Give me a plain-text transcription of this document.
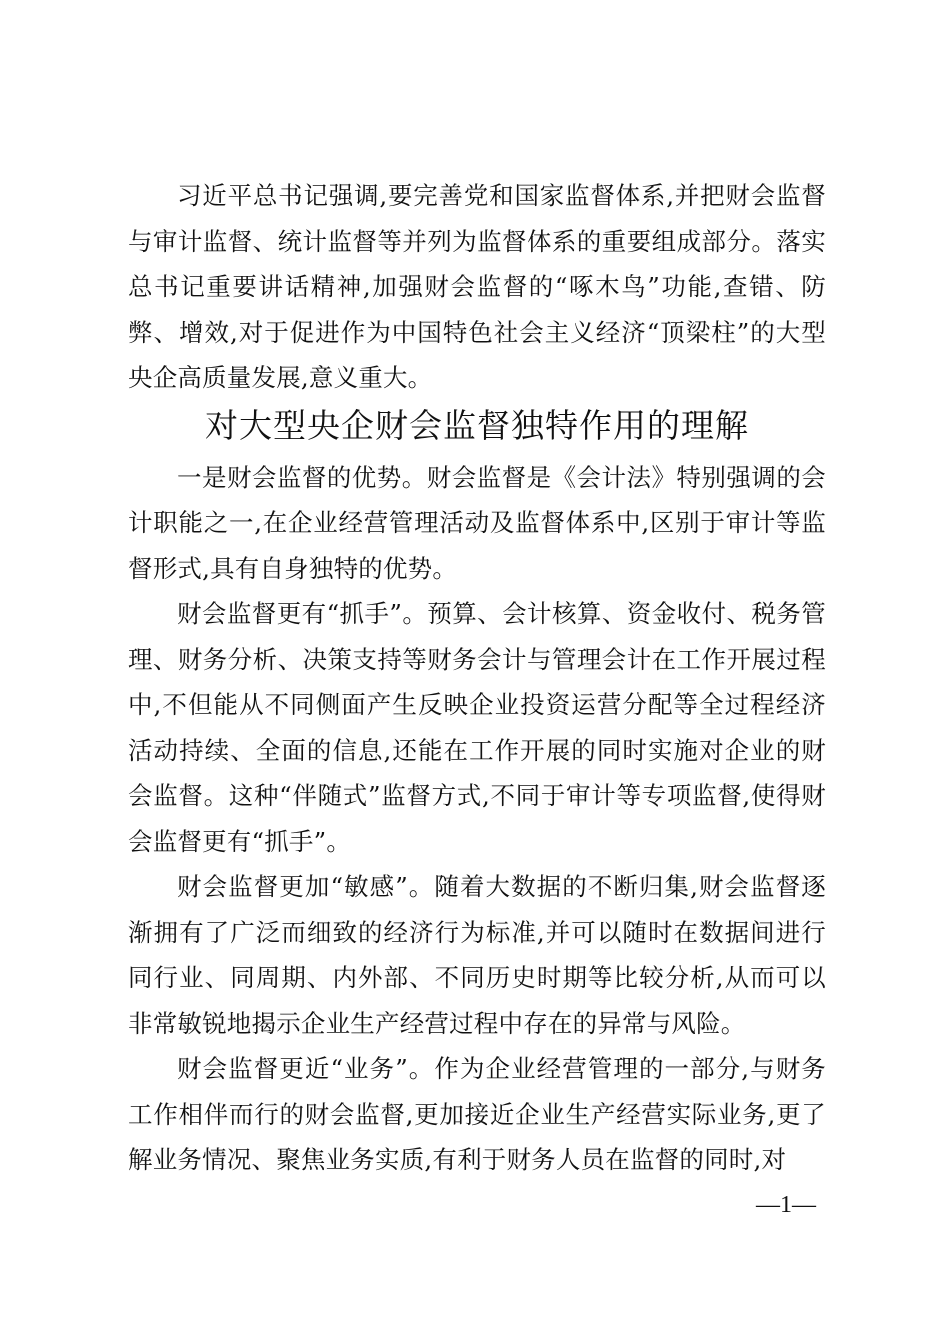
习近平总书记强调,要完善党和国家监督体系,并把财会监督与审计监督、统计监督等并列为监督体系的重要组成部分。落实总书记重要讲话精神,加强财会监督的“啄木鸟”功能,查错、防弊、增效,对于促进作为中国特色社会主义经济“顶梁柱”的大型央企高质量发展,意义重大。

对大型央企财会监督独特作用的理解

一是财会监督的优势。财会监督是《会计法》特别强调的会计职能之一,在企业经营管理活动及监督体系中,区别于审计等监督形式,具有自身独特的优势。

财会监督更有“抓手”。预算、会计核算、资金收付、税务管理、财务分析、决策支持等财务会计与管理会计在工作开展过程中,不但能从不同侧面产生反映企业投资运营分配等全过程经济活动持续、全面的信息,还能在工作开展的同时实施对企业的财会监督。这种“伴随式”监督方式,不同于审计等专项监督,使得财会监督更有“抓手”。

财会监督更加“敏感”。随着大数据的不断归集,财会监督逐渐拥有了广泛而细致的经济行为标准,并可以随时在数据间进行同行业、同周期、内外部、不同历史时期等比较分析,从而可以非常敏锐地揭示企业生产经营过程中存在的异常与风险。

财会监督更近“业务”。作为企业经营管理的一部分,与财务工作相伴而行的财会监督,更加接近企业生产经营实际业务,更了解业务情况、聚焦业务实质,有利于财务人员在监督的同时,对

—1—
